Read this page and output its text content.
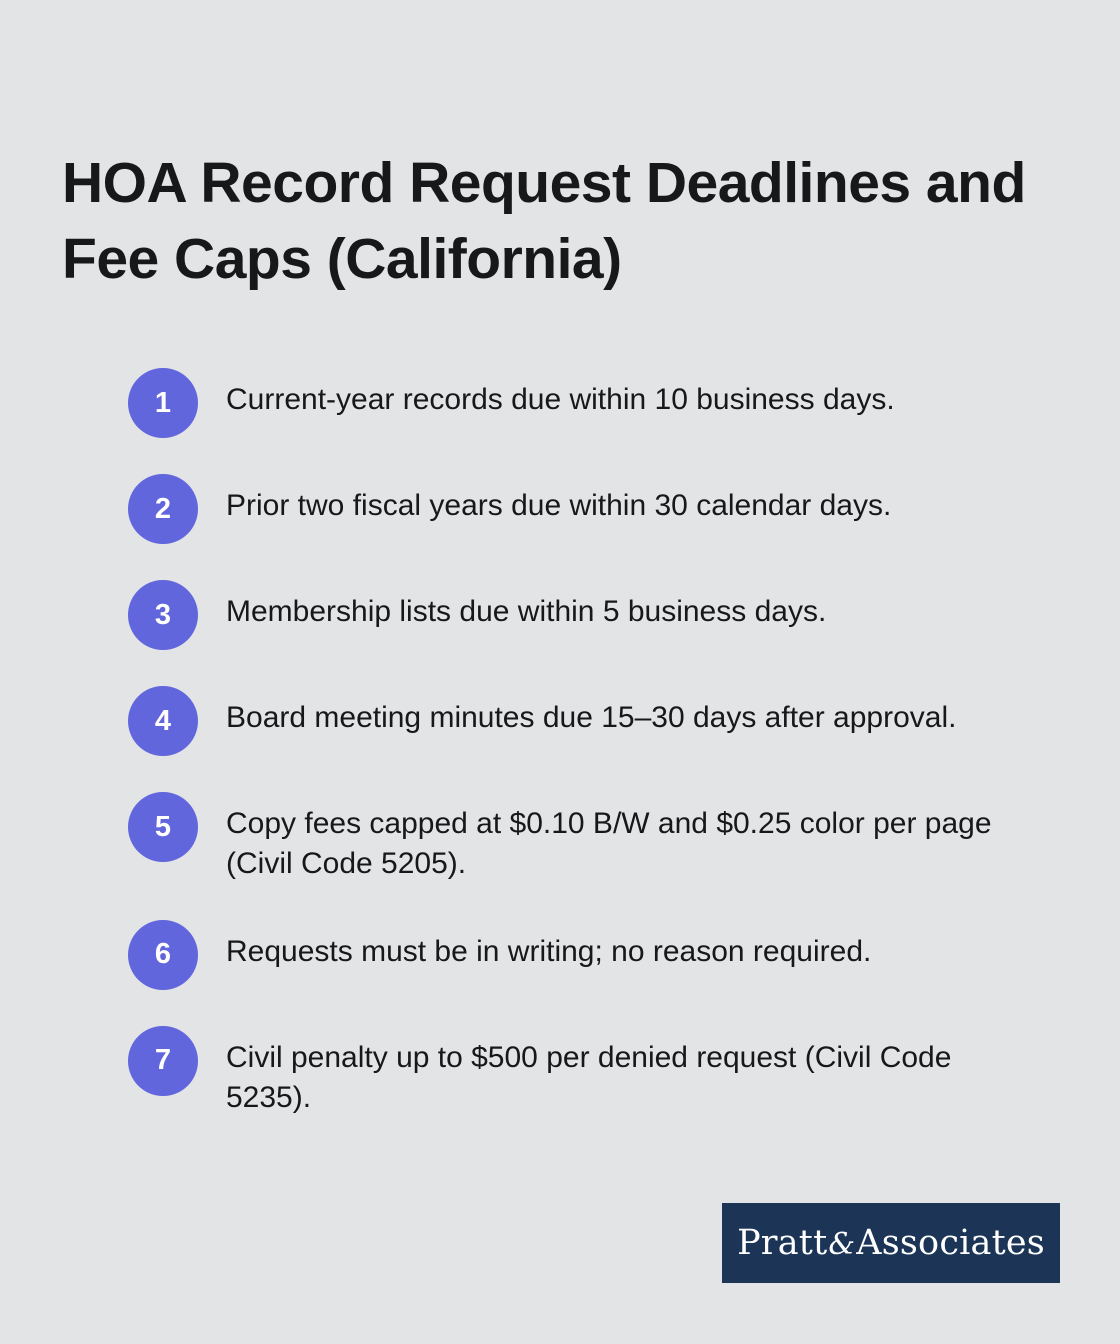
HOA Record Request Deadlines and Fee Caps (California)
1	Current-year records due within 10 business days.
2	Prior two fiscal years due within 30 calendar days.
3	Membership lists due within 5 business days.
4	Board meeting minutes due 15–30 days after approval.
5	Copy fees capped at $0.10 B/W and $0.25 color per page (Civil Code 5205).
6	Requests must be in writing; no reason required.
7	Civil penalty up to $500 per denied request (Civil Code 5235).
Pratt&Associates
